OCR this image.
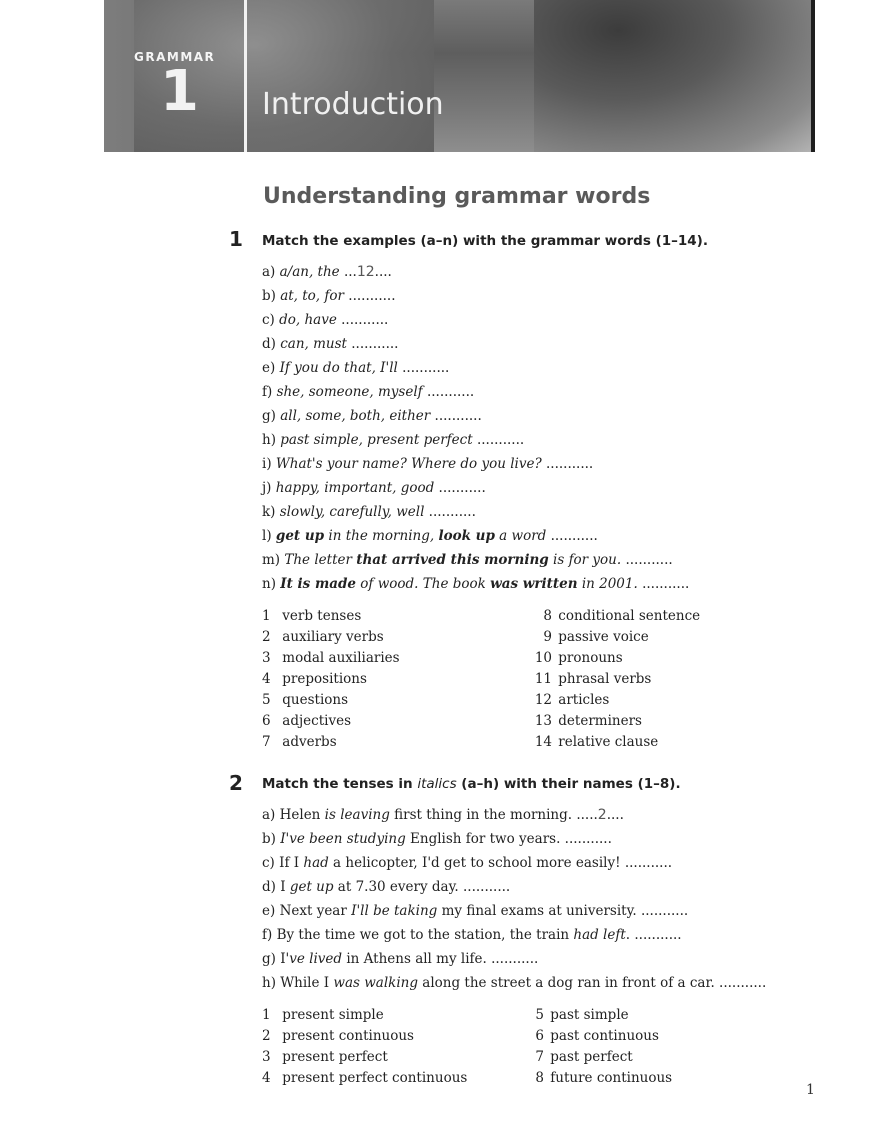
GRAMMAR
1 Introduction
Understanding grammar words
1 Match the examples (a–n) with the grammar words (1–14).
a) a/an, the ...12....
b) at, to, for ...........
c) do, have ...........
d) can, must ...........
e) If you do that, I'll ...........
f) she, someone, myself ...........
g) all, some, both, either ...........
h) past simple, present perfect ...........
i) What's your name? Where do you live? ...........
j) happy, important, good ...........
k) slowly, carefully, well ...........
l) get up in the morning, look up a word ...........
m) The letter that arrived this morning is for you. ...........
n) It is made of wood. The book was written in 2001. ...........
1 verb tenses
2 auxiliary verbs
3 modal auxiliaries
4 prepositions
5 questions
6 adjectives
7 adverbs
8 conditional sentence
9 passive voice
10 pronouns
11 phrasal verbs
12 articles
13 determiners
14 relative clause
2 Match the tenses in italics (a–h) with their names (1–8).
a) Helen is leaving first thing in the morning. .....2....
b) I've been studying English for two years. ...........
c) If I had a helicopter, I'd get to school more easily! ...........
d) I get up at 7.30 every day. ...........
e) Next year I'll be taking my final exams at university. ...........
f) By the time we got to the station, the train had left. ...........
g) I've lived in Athens all my life. ...........
h) While I was walking along the street a dog ran in front of a car. ...........
1 present simple
2 present continuous
3 present perfect
4 present perfect continuous
5 past simple
6 past continuous
7 past perfect
8 future continuous
1
